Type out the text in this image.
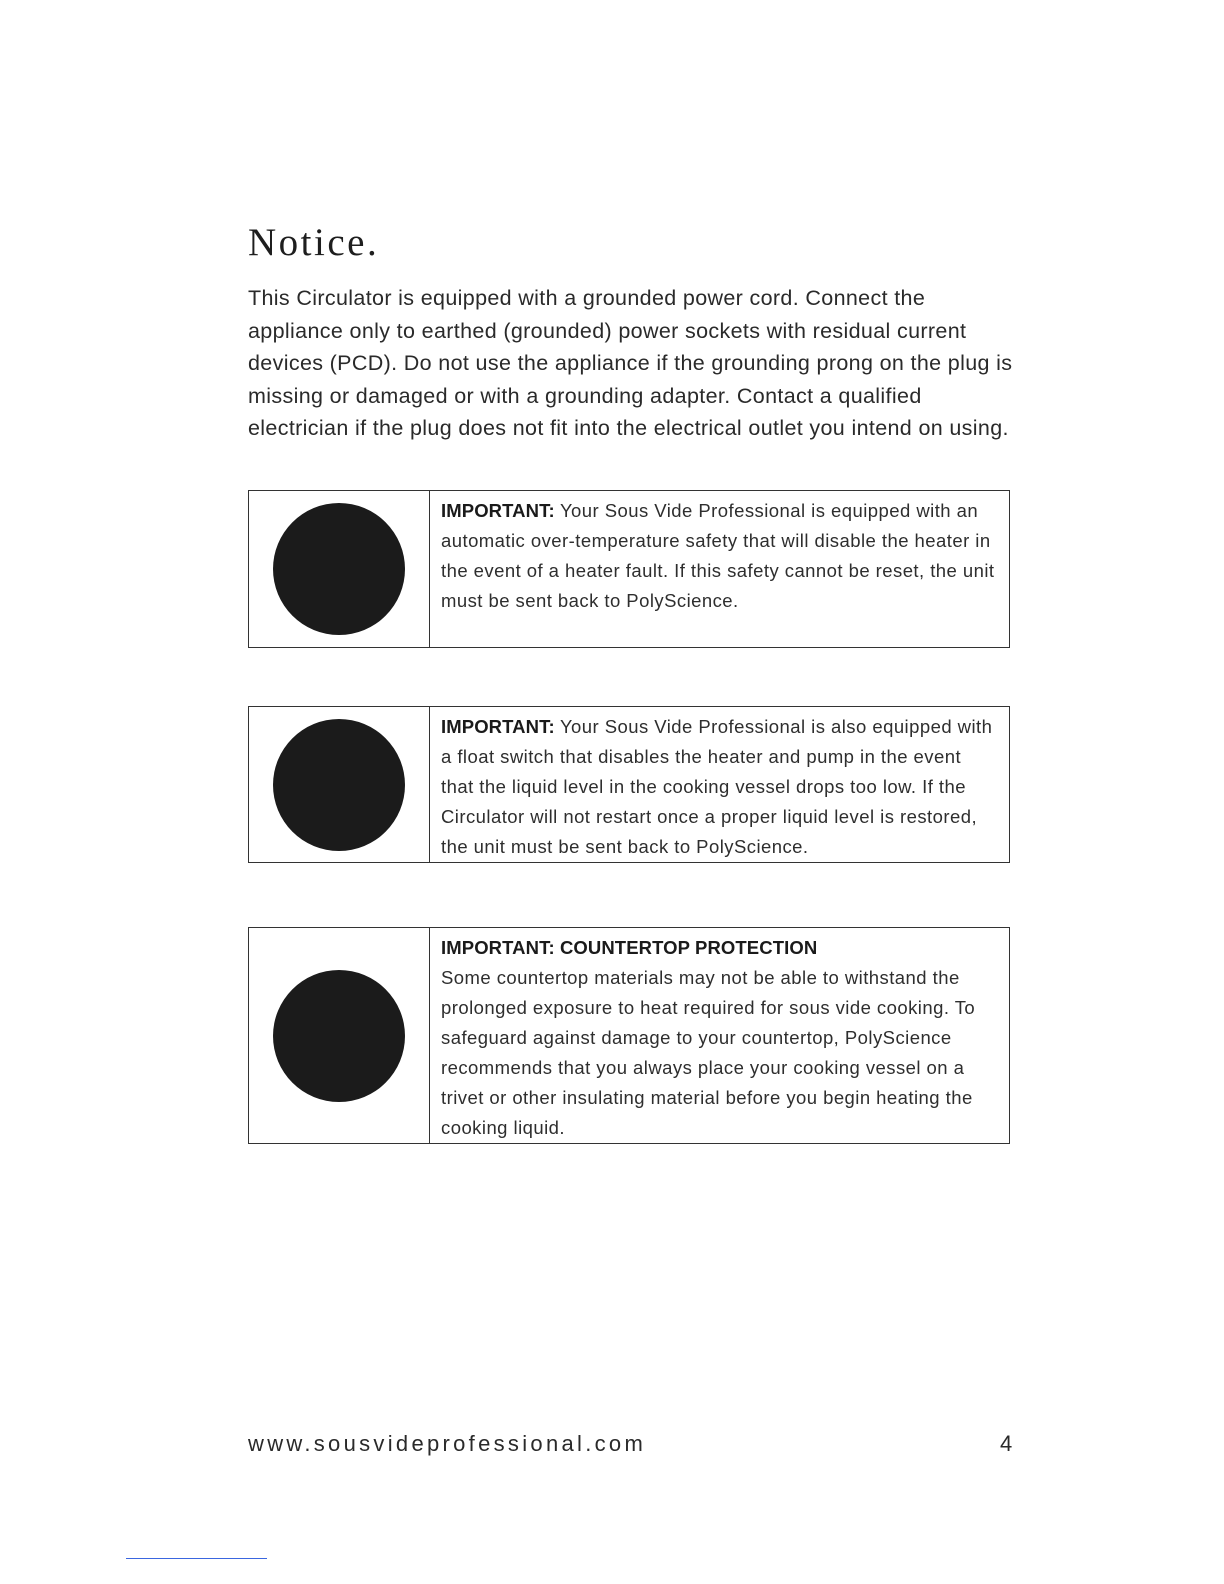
Notice.

This Circulator is equipped with a grounded power cord. Connect the appliance only to earthed (grounded) power sockets with residual current devices (PCD). Do not use the appliance if the grounding prong on the plug is missing or damaged or with a grounding adapter. Contact a qualified electrician if the plug does not fit into the electrical outlet you intend on using.

IMPORTANT: Your Sous Vide Professional is equipped with an automatic over-temperature safety that will disable the heater in the event of a heater fault. If this safety cannot be reset, the unit must be sent back to PolyScience.
IMPORTANT: Your Sous Vide Professional is also equipped with a float switch that disables the heater and pump in the event that the liquid level in the cooking vessel drops too low. If the Circulator will not restart once a proper liquid level is restored, the unit must be sent back to PolyScience.
IMPORTANT: COUNTERTOP PROTECTION
Some countertop materials may not be able to withstand the prolonged exposure to heat required for sous vide cooking. To safeguard against damage to your countertop, PolyScience recommends that you always place your cooking vessel on a trivet or other insulating material before you begin heating the cooking liquid.
www.sousvideprofessional.com	4
